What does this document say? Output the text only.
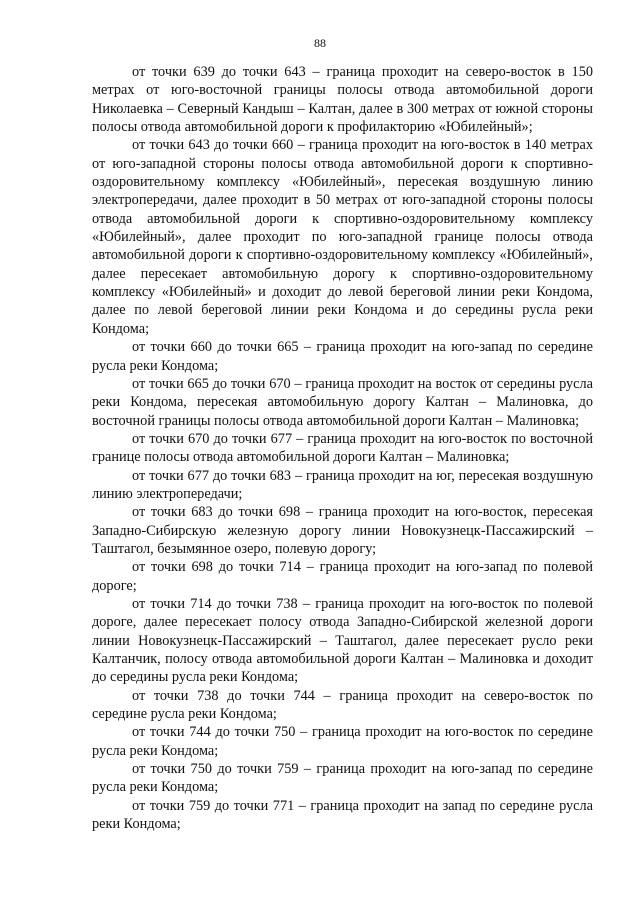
88

от точки 639 до точки 643 – граница проходит на северо-восток в 150 метрах от юго-восточной границы полосы отвода автомобильной дороги Николаевка – Северный Кандыш – Калтан, далее в 300 метрах от южной стороны полосы отвода автомобильной дороги к профилакторию «Юбилейный»;

от точки 643 до точки 660 – граница проходит на юго-восток в 140 метрах от юго-западной стороны полосы отвода автомобильной дороги к спортивно-оздоровительному комплексу «Юбилейный», пересекая воздушную линию электропередачи, далее проходит в 50 метрах от юго-западной стороны полосы отвода автомобильной дороги к спортивно-оздоровительному комплексу «Юбилейный», далее проходит по юго-западной границе полосы отвода автомобильной дороги к спортивно-оздоровительному комплексу «Юбилейный», далее пересекает автомобильную дорогу к спортивно-оздоровительному комплексу «Юбилейный» и доходит до левой береговой линии реки Кондома, далее по левой береговой линии реки Кондома и до середины русла реки Кондома;

от точки 660 до точки 665 – граница проходит на юго-запад по середине русла реки Кондома;

от точки 665 до точки 670 – граница проходит на восток от середины русла реки Кондома, пересекая автомобильную дорогу Калтан – Малиновка, до восточной границы полосы отвода автомобильной дороги Калтан – Малиновка;

от точки 670 до точки 677 – граница проходит на юго-восток по восточной границе полосы отвода автомобильной дороги Калтан – Малиновка;

от точки 677 до точки 683 – граница проходит на юг, пересекая воздушную линию электропередачи;

от точки 683 до точки 698 – граница проходит на юго-восток, пересекая Западно-Сибирскую железную дорогу линии Новокузнецк-Пассажирский – Таштагол, безымянное озеро, полевую дорогу;

от точки 698 до точки 714 – граница проходит на юго-запад по полевой дороге;

от точки 714 до точки 738 – граница проходит на юго-восток по полевой дороге, далее пересекает полосу отвода Западно-Сибирской железной дороги линии Новокузнецк-Пассажирский – Таштагол, далее пересекает русло реки Калтанчик, полосу отвода автомобильной дороги Калтан – Малиновка и доходит до середины русла реки Кондома;

от точки 738 до точки 744 – граница проходит на северо-восток по середине русла реки Кондома;

от точки 744 до точки 750 – граница проходит на юго-восток по середине русла реки Кондома;

от точки 750 до точки 759 – граница проходит на юго-запад по середине русла реки Кондома;

от точки 759 до точки 771 – граница проходит на запад по середине русла реки Кондома;
